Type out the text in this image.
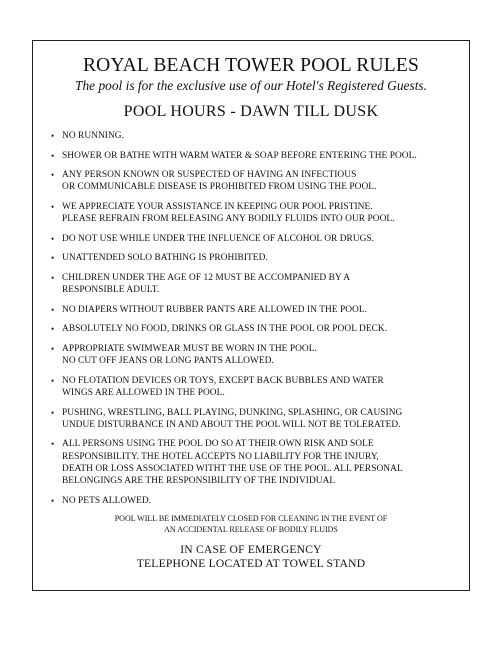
ROYAL BEACH TOWER POOL RULES

The pool is for the exclusive use of our Hotel's Registered Guests.

POOL HOURS - DAWN TILL DUSK

• NO RUNNING.
• SHOWER OR BATHE WITH WARM WATER & SOAP BEFORE ENTERING THE POOL.
• ANY PERSON KNOWN OR SUSPECTED OF HAVING AN INFECTIOUS
OR COMMUNICABLE DISEASE IS PROHIBITED FROM USING THE POOL.
• WE APPRECIATE YOUR ASSISTANCE IN KEEPING OUR POOL PRISTINE.
PLEASE REFRAIN FROM RELEASING ANY BODILY FLUIDS INTO OUR POOL.
• DO NOT USE WHILE UNDER THE INFLUENCE OF ALCOHOL OR DRUGS.
• UNATTENDED SOLO BATHING IS PROHIBITED.
• CHILDREN UNDER THE AGE OF 12 MUST BE ACCOMPANIED BY A
RESPONSIBLE ADULT.
• NO DIAPERS WITHOUT RUBBER PANTS ARE ALLOWED IN THE POOL.
• ABSOLUTELY NO FOOD, DRINKS OR GLASS IN THE POOL OR POOL DECK.
• APPROPRIATE SWIMWEAR MUST BE WORN IN THE POOL.
NO CUT OFF JEANS OR LONG PANTS ALLOWED.
• NO FLOTATION DEVICES OR TOYS, EXCEPT BACK BUBBLES AND WATER
WINGS ARE ALLOWED IN THE POOL.
• PUSHING, WRESTLING, BALL PLAYING, DUNKING, SPLASHING, OR CAUSING
UNDUE DISTURBANCE IN AND ABOUT THE POOL WILL NOT BE TOLERATED.
• ALL PERSONS USING THE POOL DO SO AT THEIR OWN RISK AND SOLE
RESPONSIBILITY. THE HOTEL ACCEPTS NO LIABILITY FOR THE INJURY,
DEATH OR LOSS ASSOCIATED WITHT THE USE OF THE POOL. ALL PERSONAL
BELONGINGS ARE THE RESPONSIBILITY OF THE INDIVIDUAL
• NO PETS ALLOWED.

POOL WILL BE IMMEDIATELY CLOSED FOR CLEANING IN THE EVENT OF
AN ACCIDENTAL RELEASE OF BODILY FLUIDS

IN CASE OF EMERGENCY
TELEPHONE LOCATED AT TOWEL STAND
